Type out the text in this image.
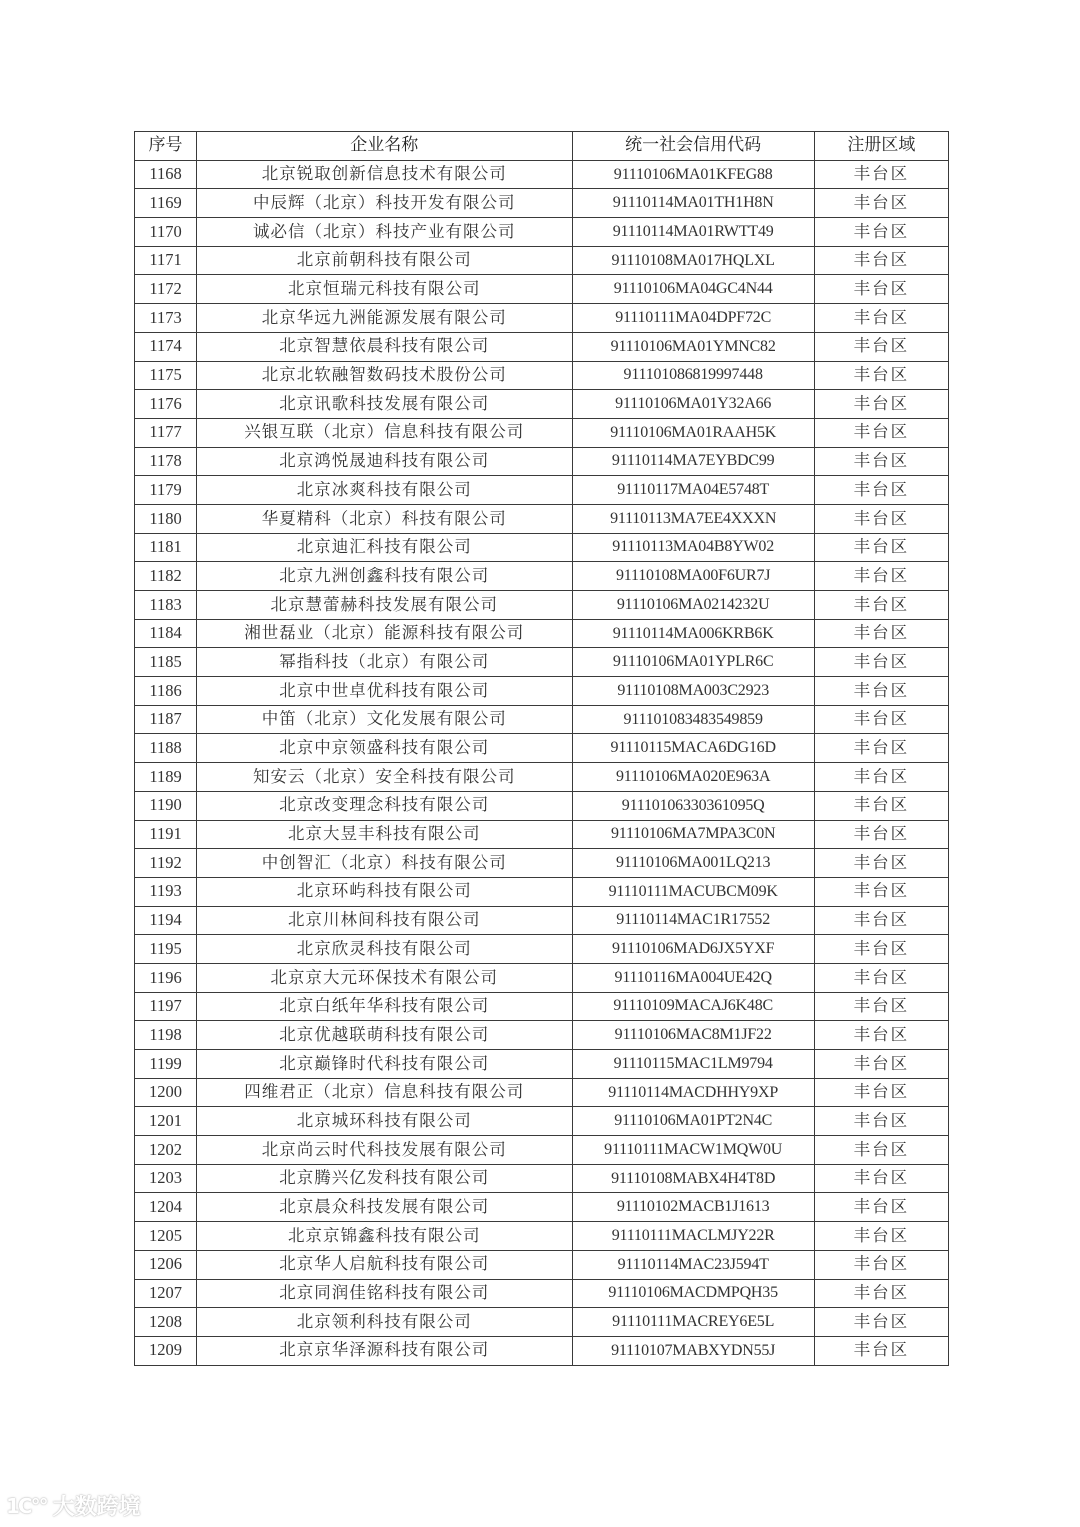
序号	企业名称	统一社会信用代码	注册区域
1168	北京锐取创新信息技术有限公司	91110106MA01KFEG88	丰台区
1169	中辰辉（北京）科技开发有限公司	91110114MA01TH1H8N	丰台区
1170	诚必信（北京）科技产业有限公司	91110114MA01RWTT49	丰台区
1171	北京前朝科技有限公司	91110108MA017HQLXL	丰台区
1172	北京恒瑞元科技有限公司	91110106MA04GC4N44	丰台区
1173	北京华远九洲能源发展有限公司	91110111MA04DPF72C	丰台区
1174	北京智慧依晨科技有限公司	91110106MA01YMNC82	丰台区
1175	北京北软融智数码技术股份公司	911101086819997448	丰台区
1176	北京讯歌科技发展有限公司	91110106MA01Y32A66	丰台区
1177	兴银互联（北京）信息科技有限公司	91110106MA01RAAH5K	丰台区
1178	北京鸿悦晟迪科技有限公司	91110114MA7EYBDC99	丰台区
1179	北京冰爽科技有限公司	91110117MA04E5748T	丰台区
1180	华夏精科（北京）科技有限公司	91110113MA7EE4XXXN	丰台区
1181	北京迪汇科技有限公司	91110113MA04B8YW02	丰台区
1182	北京九洲创鑫科技有限公司	91110108MA00F6UR7J	丰台区
1183	北京慧蕾赫科技发展有限公司	91110106MA0214232U	丰台区
1184	湘世磊业（北京）能源科技有限公司	91110114MA006KRB6K	丰台区
1185	幂指科技（北京）有限公司	91110106MA01YPLR6C	丰台区
1186	北京中世卓优科技有限公司	91110108MA003C2923	丰台区
1187	中笛（北京）文化发展有限公司	911101083483549859	丰台区
1188	北京中京领盛科技有限公司	91110115MACA6DG16D	丰台区
1189	知安云（北京）安全科技有限公司	91110106MA020E963A	丰台区
1190	北京改变理念科技有限公司	91110106330361095Q	丰台区
1191	北京大昱丰科技有限公司	91110106MA7MPA3C0N	丰台区
1192	中创智汇（北京）科技有限公司	91110106MA001LQ213	丰台区
1193	北京环屿科技有限公司	91110111MACUBCM09K	丰台区
1194	北京川林间科技有限公司	91110114MAC1R17552	丰台区
1195	北京欣灵科技有限公司	91110106MAD6JX5YXF	丰台区
1196	北京京大元环保技术有限公司	91110116MA004UE42Q	丰台区
1197	北京白纸年华科技有限公司	91110109MACAJ6K48C	丰台区
1198	北京优越联萌科技有限公司	91110106MAC8M1JF22	丰台区
1199	北京巅锋时代科技有限公司	91110115MAC1LM9794	丰台区
1200	四维君正（北京）信息科技有限公司	91110114MACDHHY9XP	丰台区
1201	北京城环科技有限公司	91110106MA01PT2N4C	丰台区
1202	北京尚云时代科技发展有限公司	91110111MACW1MQW0U	丰台区
1203	北京腾兴亿发科技有限公司	91110108MABX4H4T8D	丰台区
1204	北京晨众科技发展有限公司	91110102MACB1J1613	丰台区
1205	北京京锦鑫科技有限公司	91110111MACLMJY22R	丰台区
1206	北京华人启航科技有限公司	91110114MAC23J594T	丰台区
1207	北京同润佳铭科技有限公司	91110106MACDMPQH35	丰台区
1208	北京领利科技有限公司	91110111MACREY6E5L	丰台区
1209	北京京华泽源科技有限公司	91110107MABXYDN55J	丰台区
1C°° 大数跨境
